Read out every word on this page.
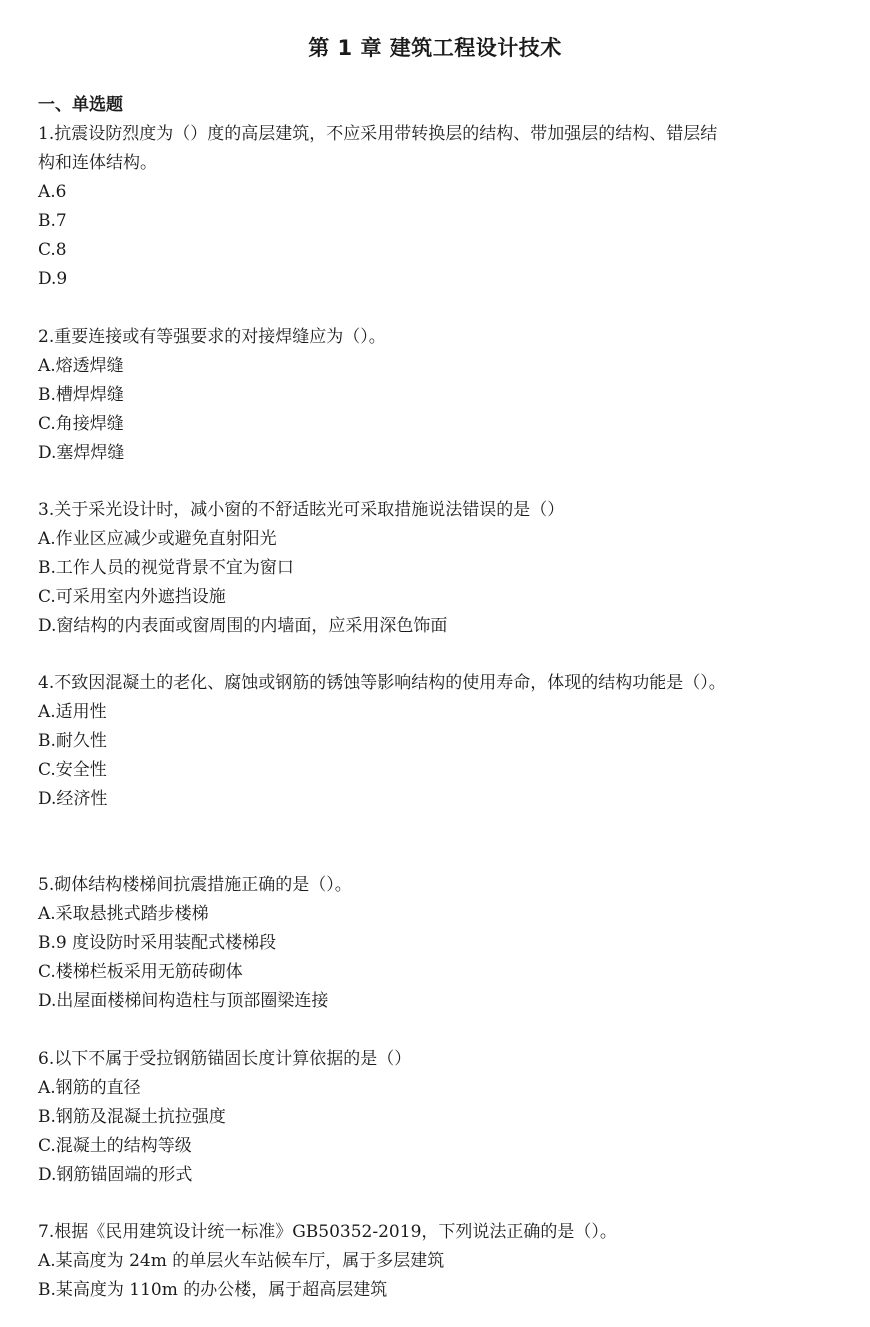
第 1 章 建筑工程设计技术
一、单选题
1.抗震设防烈度为（）度的高层建筑，不应采用带转换层的结构、带加强层的结构、错层结
构和连体结构。
A.6
B.7
C.8
D.9
2.重要连接或有等强要求的对接焊缝应为（）。
A.熔透焊缝
B.槽焊焊缝
C.角接焊缝
D.塞焊焊缝
3.关于采光设计时，减小窗的不舒适眩光可采取措施说法错误的是（）
A.作业区应减少或避免直射阳光
B.工作人员的视觉背景不宜为窗口
C.可采用室内外遮挡设施
D.窗结构的内表面或窗周围的内墙面，应采用深色饰面
4.不致因混凝土的老化、腐蚀或钢筋的锈蚀等影响结构的使用寿命，体现的结构功能是（）。
A.适用性
B.耐久性
C.安全性
D.经济性
5.砌体结构楼梯间抗震措施正确的是（）。
A.采取悬挑式踏步楼梯
B.9 度设防时采用装配式楼梯段
C.楼梯栏板采用无筋砖砌体
D.出屋面楼梯间构造柱与顶部圈梁连接
6.以下不属于受拉钢筋锚固长度计算依据的是（）
A.钢筋的直径
B.钢筋及混凝土抗拉强度
C.混凝土的结构等级
D.钢筋锚固端的形式
7.根据《民用建筑设计统一标准》GB50352-2019，下列说法正确的是（）。
A.某高度为 24m 的单层火车站候车厅，属于多层建筑
B.某高度为 110m 的办公楼，属于超高层建筑
